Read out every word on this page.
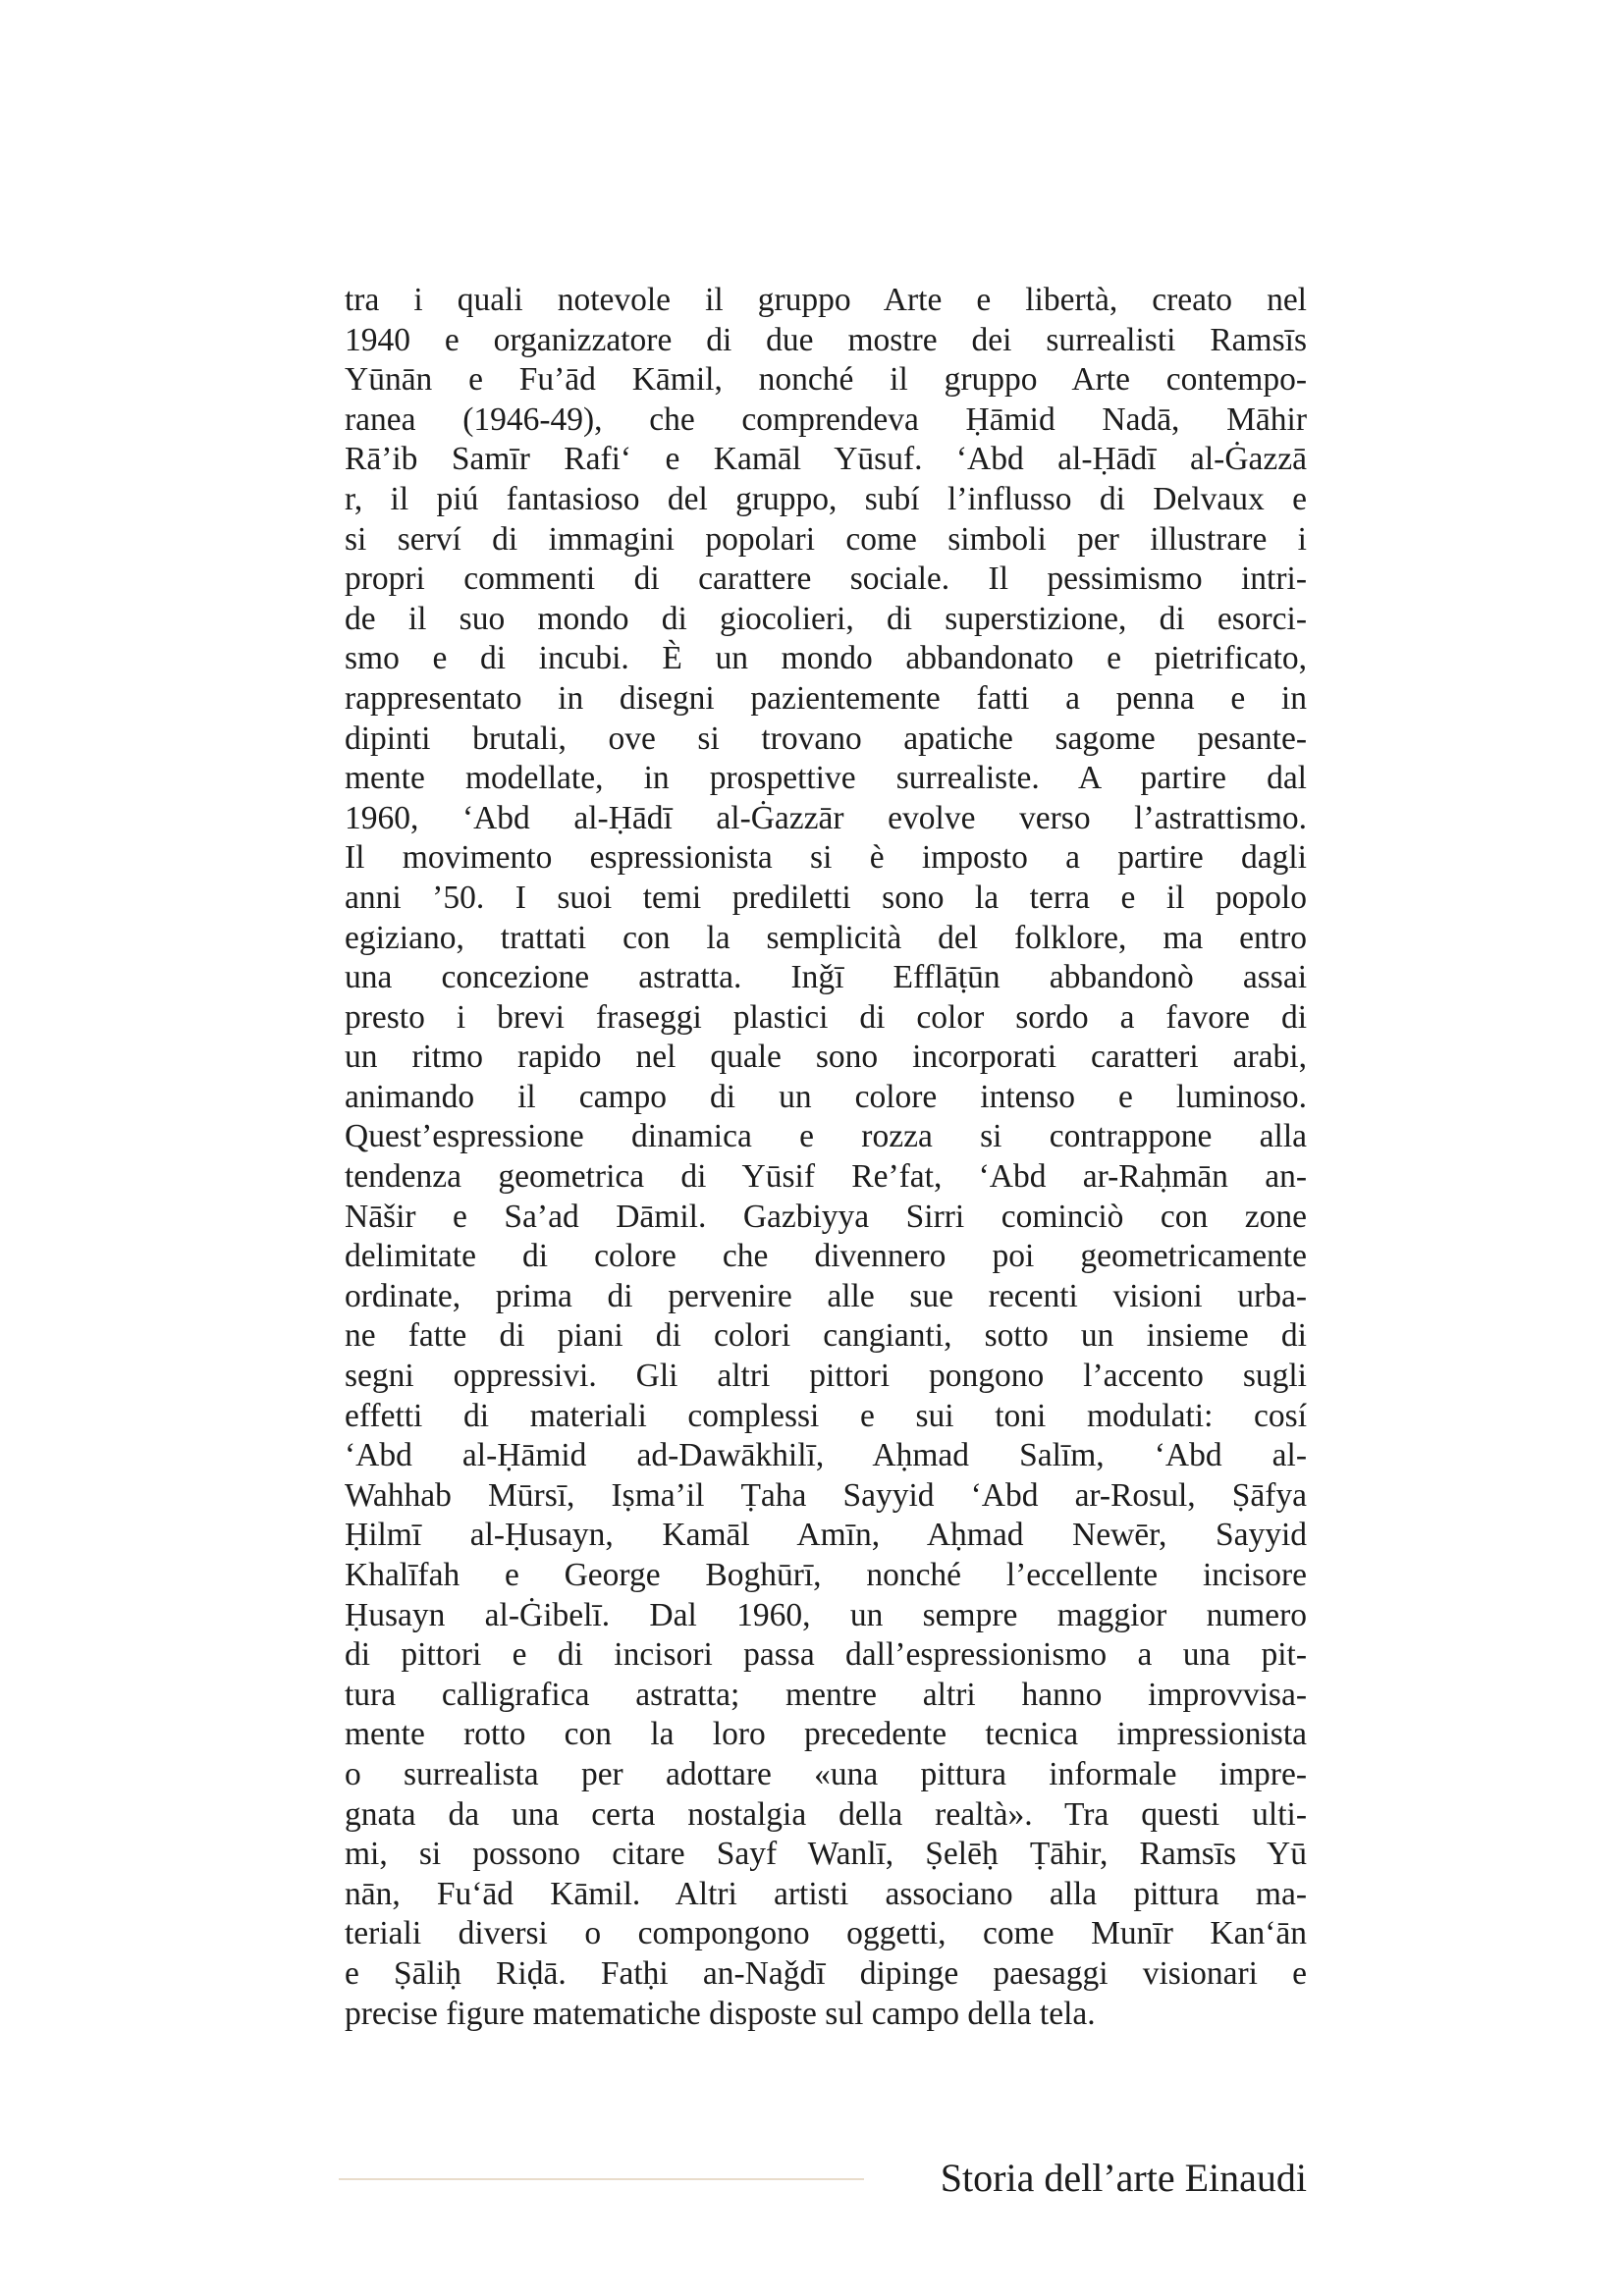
tra i quali notevole il gruppo Arte e libertà, creato nel
1940 e organizzatore di due mostre dei surrealisti Ramsīs
Yūnān e Fu’ād Kāmil, nonché il gruppo Arte contempo-
ranea (1946-49), che comprendeva Ḥāmid Nadā, Māhir
Rā’ib Samīr Rafi‘ e Kamāl Yūsuf. ‘Abd al-Ḥādī al-Ġazzā
r, il piú fantasioso del gruppo, subí l’influsso di Delvaux e
si serví di immagini popolari come simboli per illustrare i
propri commenti di carattere sociale. Il pessimismo intri-
de il suo mondo di giocolieri, di superstizione, di esorci-
smo e di incubi. È un mondo abbandonato e pietrificato,
rappresentato in disegni pazientemente fatti a penna e in
dipinti brutali, ove si trovano apatiche sagome pesante-
mente modellate, in prospettive surrealiste. A partire dal
1960, ‘Abd al-Ḥādī al-Ġazzār evolve verso l’astrattismo.
Il movimento espressionista si è imposto a partire dagli
anni ’50. I suoi temi prediletti sono la terra e il popolo
egiziano, trattati con la semplicità del folklore, ma entro
una concezione astratta. Inǧī Efflāṭūn abbandonò assai
presto i brevi fraseggi plastici di color sordo a favore di
un ritmo rapido nel quale sono incorporati caratteri arabi,
animando il campo di un colore intenso e luminoso.
Quest’espressione dinamica e rozza si contrappone alla
tendenza geometrica di Yūsif Re’fat, ‘Abd ar-Raḥmān an-
Nāšir e Sa’ad Dāmil. Gazbiyya Sirri cominciò con zone
delimitate di colore che divennero poi geometricamente
ordinate, prima di pervenire alle sue recenti visioni urba-
ne fatte di piani di colori cangianti, sotto un insieme di
segni oppressivi. Gli altri pittori pongono l’accento sugli
effetti di materiali complessi e sui toni modulati: cosí
‘Abd al-Ḥāmid ad-Dawākhilī, Aḥmad Salīm, ‘Abd al-
Wahhab Mūrsī, Iṣma’il Ṭaha Sayyid ‘Abd ar-Rosul, Ṣāfya
Ḥilmī al-Ḥusayn, Kamāl Amīn, Aḥmad Newēr, Sayyid
Khalīfah e George Boghūrī, nonché l’eccellente incisore
Ḥusayn al-Ġibelī. Dal 1960, un sempre maggior numero
di pittori e di incisori passa dall’espressionismo a una pit-
tura calligrafica astratta; mentre altri hanno improvvisa-
mente rotto con la loro precedente tecnica impressionista
o surrealista per adottare «una pittura informale impre-
gnata da una certa nostalgia della realtà». Tra questi ulti-
mi, si possono citare Sayf Wanlī, Ṣelēḥ Ṭāhir, Ramsīs Yū
nān, Fu‘ād Kāmil. Altri artisti associano alla pittura ma-
teriali diversi o compongono oggetti, come Munīr Kan‘ān
e Ṣāliḥ Riḍā. Fatḥi an-Naǧdī dipinge paesaggi visionari e
precise figure matematiche disposte sul campo della tela.

Storia dell’arte Einaudi
